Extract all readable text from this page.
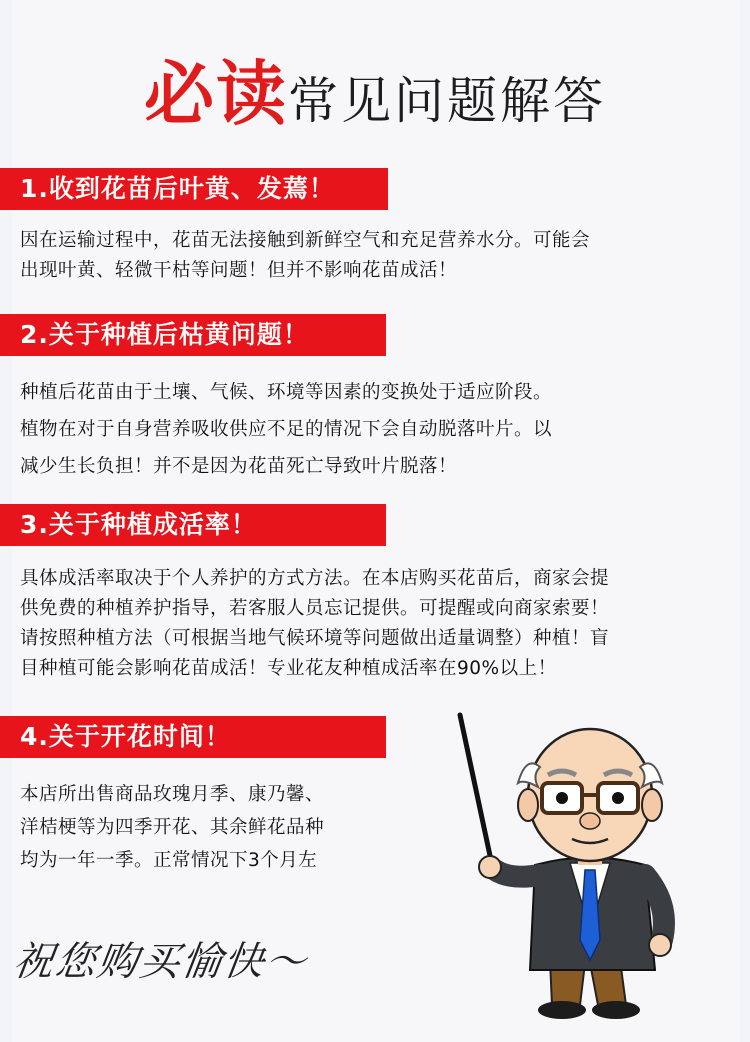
必读常见问题解答
1.收到花苗后叶黄、发蔫！
因在运输过程中，花苗无法接触到新鲜空气和充足营养水分。可能会
出现叶黄、轻微干枯等问题！但并不影响花苗成活！
2.关于种植后枯黄问题！
种植后花苗由于土壤、气候、环境等因素的变换处于适应阶段。
植物在对于自身营养吸收供应不足的情况下会自动脱落叶片。以
减少生长负担！并不是因为花苗死亡导致叶片脱落！
3.关于种植成活率！
具体成活率取决于个人养护的方式方法。在本店购买花苗后，商家会提
供免费的种植养护指导，若客服人员忘记提供。可提醒或向商家索要！
请按照种植方法（可根据当地气候环境等问题做出适量调整）种植！盲
目种植可能会影响花苗成活！专业花友种植成活率在90%以上！
4.关于开花时间！
本店所出售商品玫瑰月季、康乃馨、
洋桔梗等为四季开花、其余鲜花品种
均为一年一季。正常情况下3个月左
祝您购买愉快～
